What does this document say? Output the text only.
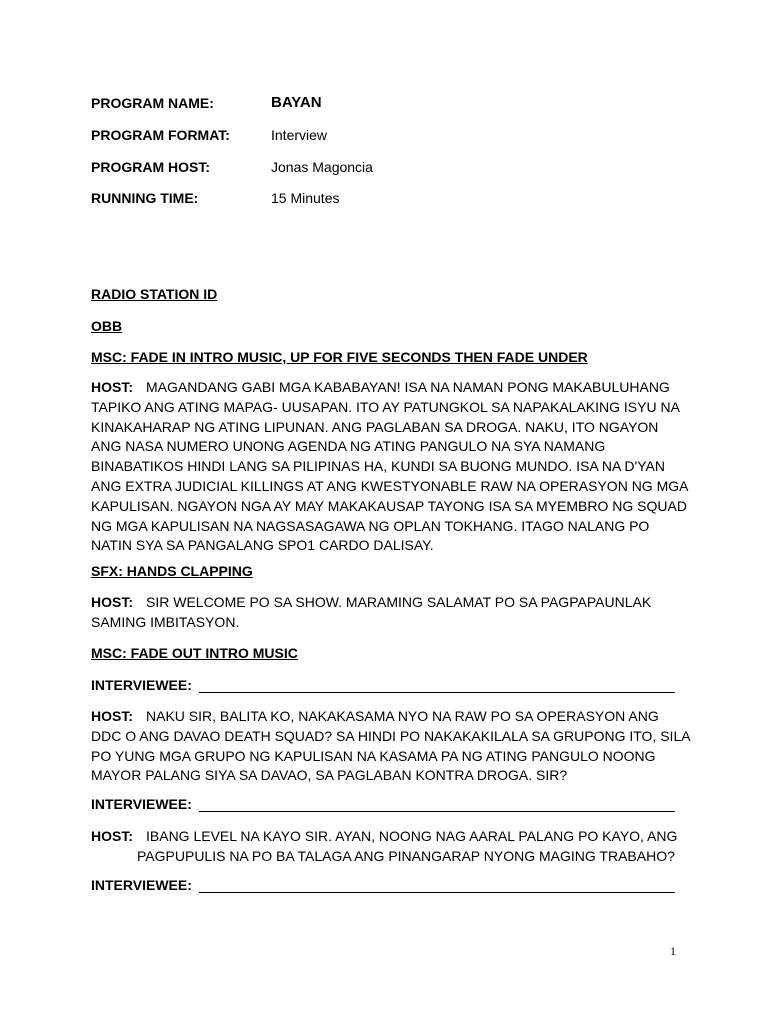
PROGRAM NAME:	BAYAN
PROGRAM FORMAT:	Interview
PROGRAM HOST:	Jonas Magoncia
RUNNING TIME:	15 Minutes
RADIO STATION ID
OBB
MSC: FADE IN INTRO MUSIC, UP FOR FIVE SECONDS THEN FADE UNDER
HOST: MAGANDANG GABI MGA KABABAYAN! ISA NA NAMAN PONG MAKABULUHANG TAPIKO ANG ATING MAPAG- UUSAPAN. ITO AY PATUNGKOL SA NAPAKALAKING ISYU NA KINAKAHARAP NG ATING LIPUNAN. ANG PAGLABAN SA DROGA. NAKU, ITO NGAYON ANG NASA NUMERO UNONG AGENDA NG ATING PANGULO NA SYA NAMANG BINABATIKOS HINDI LANG SA PILIPINAS HA, KUNDI SA BUONG MUNDO. ISA NA D'YAN ANG EXTRA JUDICIAL KILLINGS AT ANG KWESTYONABLE RAW NA OPERASYON NG MGA KAPULISAN. NGAYON NGA AY MAY MAKAKAUSAP TAYONG ISA SA MYEMBRO NG SQUAD NG MGA KAPULISAN NA NAGSASAGAWA NG OPLAN TOKHANG. ITAGO NALANG PO NATIN SYA SA PANGALANG SPO1 CARDO DALISAY.
SFX: HANDS CLAPPING
HOST: SIR WELCOME PO SA SHOW. MARAMING SALAMAT PO SA PAGPAPAUNLAK SAMING IMBITASYON.
MSC: FADE OUT INTRO MUSIC
INTERVIEWEE:
HOST: NAKU SIR, BALITA KO, NAKAKASAMA NYO NA RAW PO SA OPERASYON ANG DDC O ANG DAVAO DEATH SQUAD? SA HINDI PO NAKAKAKILALA SA GRUPONG ITO, SILA PO YUNG MGA GRUPO NG KAPULISAN NA KASAMA PA NG ATING PANGULO NOONG MAYOR PALANG SIYA SA DAVAO, SA PAGLABAN KONTRA DROGA. SIR?
INTERVIEWEE:
HOST: IBANG LEVEL NA KAYO SIR. AYAN, NOONG NAG AARAL PALANG PO KAYO, ANG PAGPUPULIS NA PO BA TALAGA ANG PINANGARAP NYONG MAGING TRABAHO?
INTERVIEWEE:
1
